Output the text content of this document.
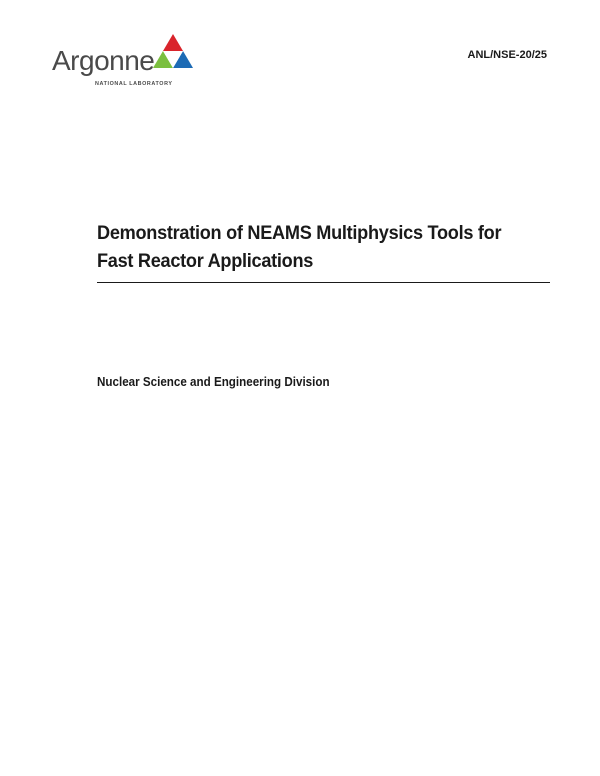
Argonne
NATIONAL LABORATORY
ANL/NSE-20/25
Demonstration of NEAMS Multiphysics Tools for Fast Reactor Applications
Nuclear Science and Engineering Division
